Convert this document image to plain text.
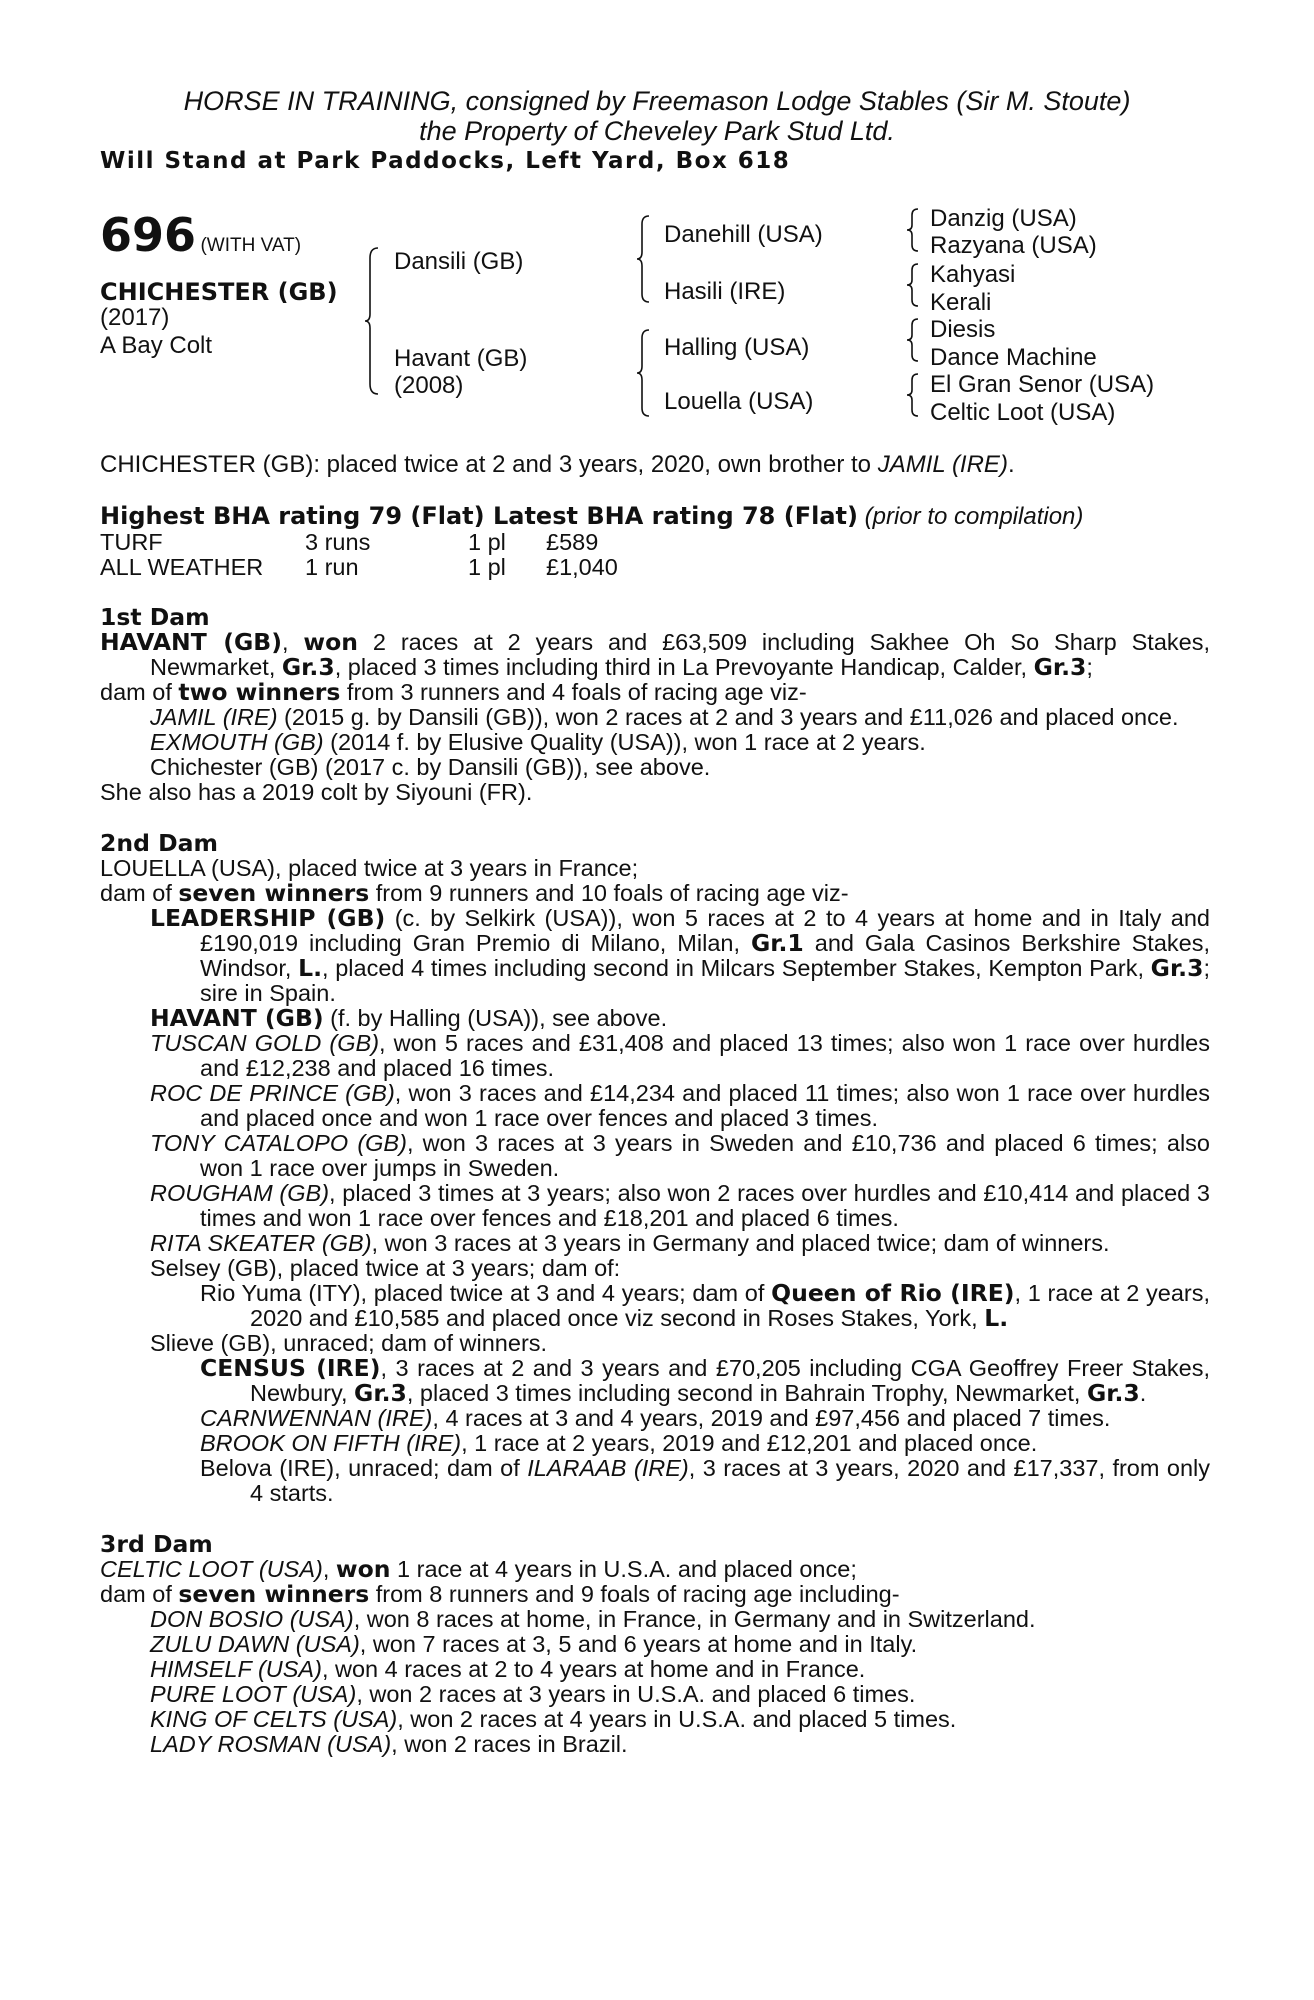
HORSE IN TRAINING, consigned by Freemason Lodge Stables (Sir M. Stoute)
the Property of Cheveley Park Stud Ltd.
Will Stand at Park Paddocks, Left Yard, Box 618
696 (WITH VAT)
CHICHESTER (GB)
(2017)
A Bay Colt
Dansili (GB)
Havant (GB)
(2008)
Danehill (USA)
Hasili (IRE)
Halling (USA)
Louella (USA)
Danzig (USA)
Razyana (USA)
Kahyasi
Kerali
Diesis
Dance Machine
El Gran Senor (USA)
Celtic Loot (USA)
CHICHESTER (GB): placed twice at 2 and 3 years, 2020, own brother to JAMIL (IRE).
Highest BHA rating 79 (Flat) Latest BHA rating 78 (Flat) (prior to compilation)
TURF	3 runs	1 pl	£589
ALL WEATHER	1 run	1 pl	£1,040

1st Dam

HAVANT (GB), won 2 races at 2 years and £63,509 including Sakhee Oh So Sharp Stakes, Newmarket, Gr.3, placed 3 times including third in La Prevoyante Handicap, Calder, Gr.3;

dam of two winners from 3 runners and 4 foals of racing age viz-

JAMIL (IRE) (2015 g. by Dansili (GB)), won 2 races at 2 and 3 years and £11,026 and placed once.

EXMOUTH (GB) (2014 f. by Elusive Quality (USA)), won 1 race at 2 years.

Chichester (GB) (2017 c. by Dansili (GB)), see above.

She also has a 2019 colt by Siyouni (FR).

2nd Dam

LOUELLA (USA), placed twice at 3 years in France;

dam of seven winners from 9 runners and 10 foals of racing age viz-

LEADERSHIP (GB) (c. by Selkirk (USA)), won 5 races at 2 to 4 years at home and in Italy and £190,019 including Gran Premio di Milano, Milan, Gr.1 and Gala Casinos Berkshire Stakes, Windsor, L., placed 4 times including second in Milcars September Stakes, Kempton Park, Gr.3; sire in Spain.

HAVANT (GB) (f. by Halling (USA)), see above.

TUSCAN GOLD (GB), won 5 races and £31,408 and placed 13 times; also won 1 race over hurdles and £12,238 and placed 16 times.

ROC DE PRINCE (GB), won 3 races and £14,234 and placed 11 times; also won 1 race over hurdles and placed once and won 1 race over fences and placed 3 times.

TONY CATALOPO (GB), won 3 races at 3 years in Sweden and £10,736 and placed 6 times; also won 1 race over jumps in Sweden.

ROUGHAM (GB), placed 3 times at 3 years; also won 2 races over hurdles and £10,414 and placed 3 times and won 1 race over fences and £18,201 and placed 6 times.

RITA SKEATER (GB), won 3 races at 3 years in Germany and placed twice; dam of winners.

Selsey (GB), placed twice at 3 years; dam of:

Rio Yuma (ITY), placed twice at 3 and 4 years; dam of Queen of Rio (IRE), 1 race at 2 years, 2020 and £10,585 and placed once viz second in Roses Stakes, York, L.

Slieve (GB), unraced; dam of winners.

CENSUS (IRE), 3 races at 2 and 3 years and £70,205 including CGA Geoffrey Freer Stakes, Newbury, Gr.3, placed 3 times including second in Bahrain Trophy, Newmarket, Gr.3.

CARNWENNAN (IRE), 4 races at 3 and 4 years, 2019 and £97,456 and placed 7 times.

BROOK ON FIFTH (IRE), 1 race at 2 years, 2019 and £12,201 and placed once.

Belova (IRE), unraced; dam of ILARAAB (IRE), 3 races at 3 years, 2020 and £17,337, from only 4 starts.

3rd Dam

CELTIC LOOT (USA), won 1 race at 4 years in U.S.A. and placed once;

dam of seven winners from 8 runners and 9 foals of racing age including-

DON BOSIO (USA), won 8 races at home, in France, in Germany and in Switzerland.

ZULU DAWN (USA), won 7 races at 3, 5 and 6 years at home and in Italy.

HIMSELF (USA), won 4 races at 2 to 4 years at home and in France.

PURE LOOT (USA), won 2 races at 3 years in U.S.A. and placed 6 times.

KING OF CELTS (USA), won 2 races at 4 years in U.S.A. and placed 5 times.

LADY ROSMAN (USA), won 2 races in Brazil.
